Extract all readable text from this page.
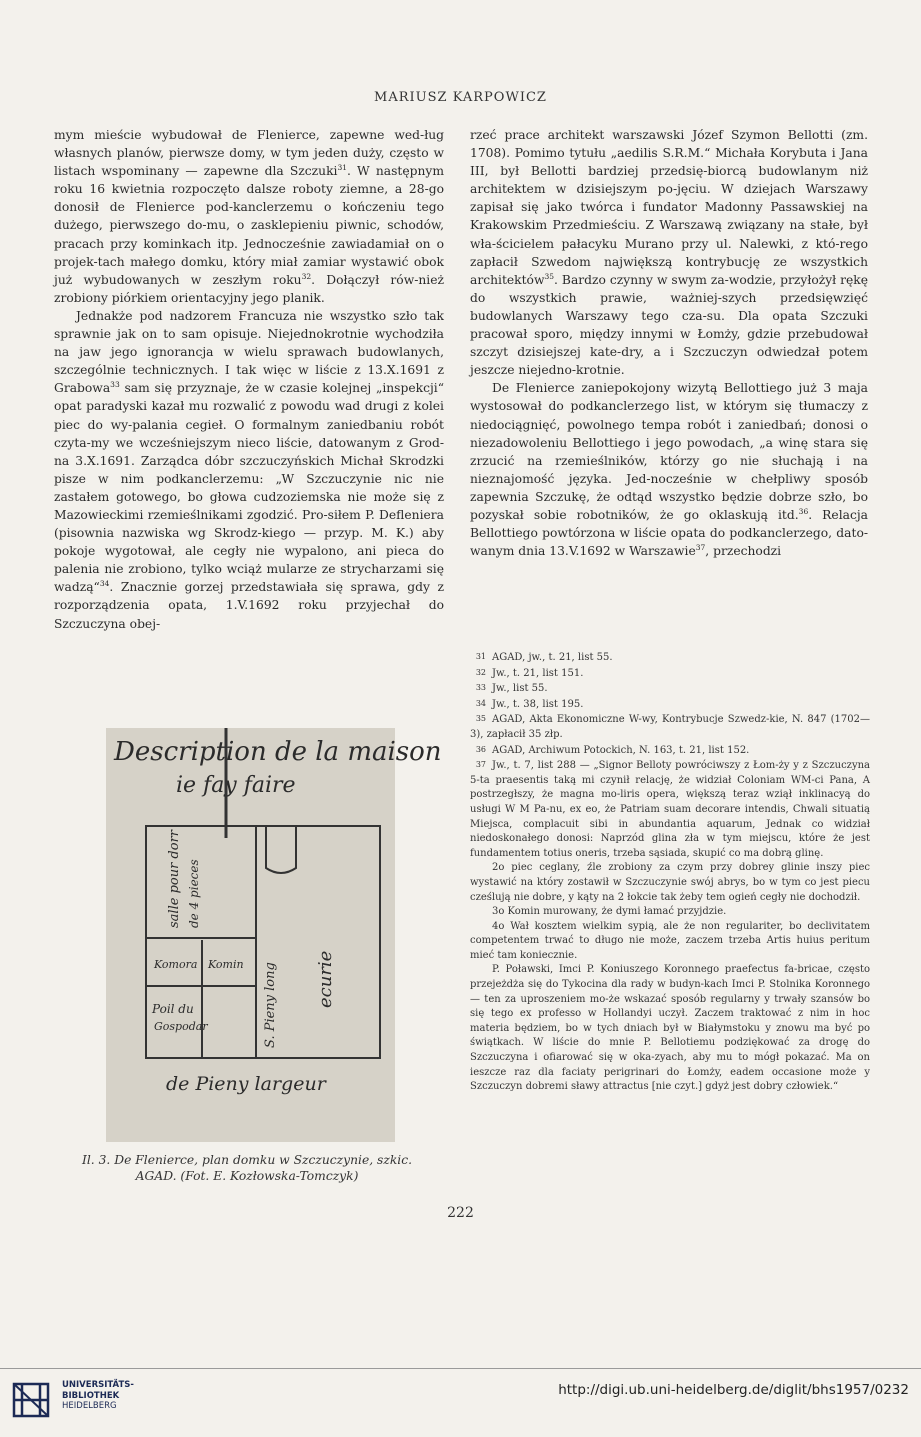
MARIUSZ KARPOWICZ

mym mieście wybudował de Flenierce, zapewne wed-ług własnych planów, pierwsze domy, w tym jeden duży, często w listach wspominany — zapewne dla Szczuki$^{31}$. W następnym roku 16 kwietnia rozpoczęto dalsze roboty ziemne, a 28-go donosił de Flenierce pod-kanclerzemu o kończeniu tego dużego, pierwszego do-mu, o zasklepieniu piwnic, schodów, pracach przy kominkach itp. Jednocześnie zawiadamiał on o projek-tach małego domku, który miał zamiar wystawić obok już wybudowanych w zeszłym roku$^{32}$. Dołączył rów-nież zrobiony piórkiem orientacyjny jego planik.

Jednakże pod nadzorem Francuza nie wszystko szło tak sprawnie jak on to sam opisuje. Niejednokrotnie wychodziła na jaw jego ignorancja w wielu sprawach budowlanych, szczególnie technicznych. I tak więc w liście z 13.X.1691 z Grabowa$^{33}$ sam się przyznaje, że w czasie kolejnej „inspekcji“ opat paradyski kazał mu rozwalić z powodu wad drugi z kolei piec do wy-palania cegieł. O formalnym zaniedbaniu robót czyta-my we wcześniejszym nieco liście, datowanym z Grod-na 3.X.1691. Zarządca dóbr szczuczyńskich Michał Skrodzki pisze w nim podkanclerzemu: „W Szczuczynie nic nie zastałem gotowego, bo głowa cudzoziemska nie może się z Mazowieckimi rzemieślnikami zgodzić. Pro-siłem P. Defleniera (pisownia nazwiska wg Skrodz-kiego — przyp. M. K.) aby pokoje wygotował, ale cegły nie wypalono, ani pieca do palenia nie zrobiono, tylko wciąż mularze ze strycharzami się wadzą“$^{34}$. Znacznie gorzej przedstawiała się sprawa, gdy z rozporządzenia opata, 1.V.1692 roku przyjechał do Szczuczyna obej-

rzeć prace architekt warszawski Józef Szymon Bellotti (zm. 1708). Pomimo tytułu „aedilis S.R.M.“ Michała Korybuta i Jana III, był Bellotti bardziej przedsię-biorcą budowlanym niż architektem w dzisiejszym po-jęciu. W dziejach Warszawy zapisał się jako twórca i fundator Madonny Passawskiej na Krakowskim Przedmieściu. Z Warszawą związany na stałe, był wła-ścicielem pałacyku Murano przy ul. Nalewki, z któ-rego zapłacił Szwedom największą kontrybucję ze wszystkich architektów$^{35}$. Bardzo czynny w swym za-wodzie, przyłożył rękę do wszystkich prawie, ważniej-szych przedsięwzięć budowlanych Warszawy tego cza-su. Dla opata Szczuki pracował sporo, między innymi w Łomży, gdzie przebudował szczyt dzisiejszej kate-dry, a i Szczuczyn odwiedzał potem jeszcze niejedno-krotnie.

De Flenierce zaniepokojony wizytą Bellottiego już 3 maja wystosował do podkanclerzego list, w którym się tłumaczy z niedociągnięć, powolnego tempa robót i zaniedbań; donosi o niezadowoleniu Bellottiego i jego powodach, „a winę stara się zrzucić na rzemieślników, którzy go nie słuchają i na nieznajomość języka. Jed-nocześnie w chełpliwy sposób zapewnia Szczukę, że odtąd wszystko będzie dobrze szło, bo pozyskał sobie robotników, że go oklaskują itd.$^{36}$. Relacja Bellottiego powtórzona w liście opata do podkanclerzego, dato-wanym dnia 13.V.1692 w Warszawie$^{37}$, przechodzi

31 AGAD, jw., t. 21, list 55.

32 Jw., t. 21, list 151.

33 Jw., list 55.

34 Jw., t. 38, list 195.

35 AGAD, Akta Ekonomiczne W-wy, Kontrybucje Szwedz-kie, N. 847 (1702—3), zapłacił 35 złp.

36 AGAD, Archiwum Potockich, N. 163, t. 21, list 152.

37 Jw., t. 7, list 288 — „Signor Belloty powróciwszy z Łom-ży y z Szczuczyna 5-ta praesentis taką mi czynił relację, że widział Coloniam WM-ci Pana, A postrzegłszy, że magna mo-liris opera, większą teraz wziął inklinacyą do usługi W M Pa-nu, ex eo, że Patriam suam decorare intendis, Chwali situatią Miejsca, complacuit sibi in abundantia aquarum, Jednak co widział niedoskonałego donosi: Naprzód glina zła w tym miejscu, które że jest fundamentem totius oneris, trzeba sąsiada, skupić co ma dobrą glinę.

2o piec ceglany, źle zrobiony za czym przy dobrey glinie inszy piec wystawić na który zostawił w Szczuczynie swój abrys, bo w tym co jest piecu cześlują nie dobre, y kąty na 2 łokcie tak żeby tem ogień cegły nie dochodził.

3o Komin murowany, że dymi łamać przyjdzie.

4o Wał kosztem wielkim sypią, ale że non regulariter, bo declivitatem competentem trwać to długo nie może, zaczem trzeba Artis huius peritum mieć tam koniecznie.

P. Poławski, Imci P. Koniuszego Koronnego praefectus fa-bricae, często przejeżdża się do Tykocina dla rady w budyn-kach Imci P. Stolnika Koronnego — ten za uproszeniem mo-że wskazać sposób regularny y trwały szansów bo się tego ex professo w Hollandyi uczył. Zaczem traktować z nim in hoc materia będziem, bo w tych dniach był w Białymstoku y znowu ma być po świątkach. W liście do mnie P. Bellotiemu podziękować za drogę do Szczuczyna i ofiarować się w oka-zyach, aby mu to mógł pokazać. Ma on ieszcze raz dla faciaty perigrinari do Łomży, eadem occasione może y Szczuczyn dobremi sławy attractus [nie czyt.] gdyż jest dobry człowiek.“

Description de la maison
ie fay faire
salle pour dorr de 4 pieces
Komora Komin
Poil du
Gospodar	S. Pieny long ecurie
de Pieny largeur
Il. 3. De Flenierce, plan domku w Szczuczynie, szkic.
AGAD. (Fot. E. Kozłowska-Tomczyk)
222
UNIVERSITÄTS-
BIBLIOTHEK
HEIDELBERG
http://digi.ub.uni-heidelberg.de/diglit/bhs1957/0232
